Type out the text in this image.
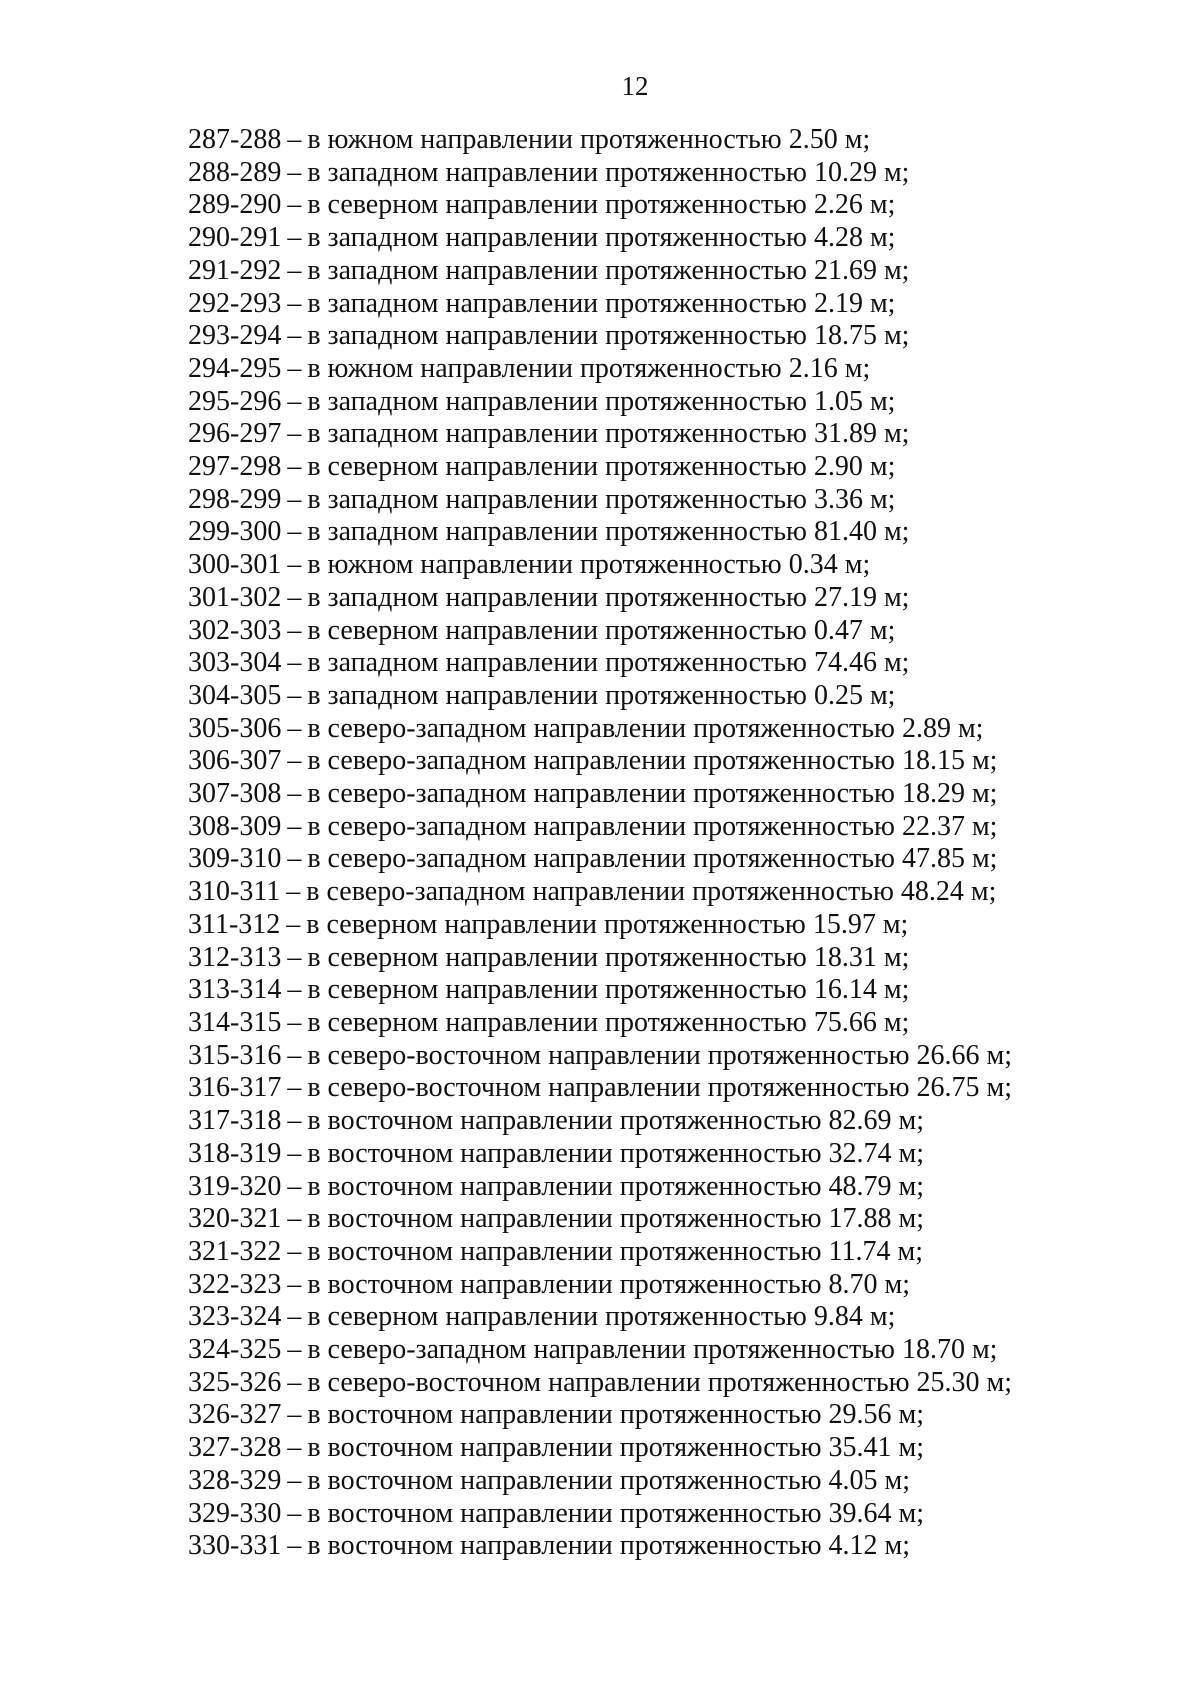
12
287-288 – в южном направлении протяженностью 2.50 м;
288-289 – в западном направлении протяженностью 10.29 м;
289-290 – в северном направлении протяженностью 2.26 м;
290-291 – в западном направлении протяженностью 4.28 м;
291-292 – в западном направлении протяженностью 21.69 м;
292-293 – в западном направлении протяженностью 2.19 м;
293-294 – в западном направлении протяженностью 18.75 м;
294-295 – в южном направлении протяженностью 2.16 м;
295-296 – в западном направлении протяженностью 1.05 м;
296-297 – в западном направлении протяженностью 31.89 м;
297-298 – в северном направлении протяженностью 2.90 м;
298-299 – в западном направлении протяженностью 3.36 м;
299-300 – в западном направлении протяженностью 81.40 м;
300-301 – в южном направлении протяженностью 0.34 м;
301-302 – в западном направлении протяженностью 27.19 м;
302-303 – в северном направлении протяженностью 0.47 м;
303-304 – в западном направлении протяженностью 74.46 м;
304-305 – в западном направлении протяженностью 0.25 м;
305-306 – в северо-западном направлении протяженностью 2.89 м;
306-307 – в северо-западном направлении протяженностью 18.15 м;
307-308 – в северо-западном направлении протяженностью 18.29 м;
308-309 – в северо-западном направлении протяженностью 22.37 м;
309-310 – в северо-западном направлении протяженностью 47.85 м;
310-311 – в северо-западном направлении протяженностью 48.24 м;
311-312 – в северном направлении протяженностью 15.97 м;
312-313 – в северном направлении протяженностью 18.31 м;
313-314 – в северном направлении протяженностью 16.14 м;
314-315 – в северном направлении протяженностью 75.66 м;
315-316 – в северо-восточном направлении протяженностью 26.66 м;
316-317 – в северо-восточном направлении протяженностью 26.75 м;
317-318 – в восточном направлении протяженностью 82.69 м;
318-319 – в восточном направлении протяженностью 32.74 м;
319-320 – в восточном направлении протяженностью 48.79 м;
320-321 – в восточном направлении протяженностью 17.88 м;
321-322 – в восточном направлении протяженностью 11.74 м;
322-323 – в восточном направлении протяженностью 8.70 м;
323-324 – в северном направлении протяженностью 9.84 м;
324-325 – в северо-западном направлении протяженностью 18.70 м;
325-326 – в северо-восточном направлении протяженностью 25.30 м;
326-327 – в восточном направлении протяженностью 29.56 м;
327-328 – в восточном направлении протяженностью 35.41 м;
328-329 – в восточном направлении протяженностью 4.05 м;
329-330 – в восточном направлении протяженностью 39.64 м;
330-331 – в восточном направлении протяженностью 4.12 м;
